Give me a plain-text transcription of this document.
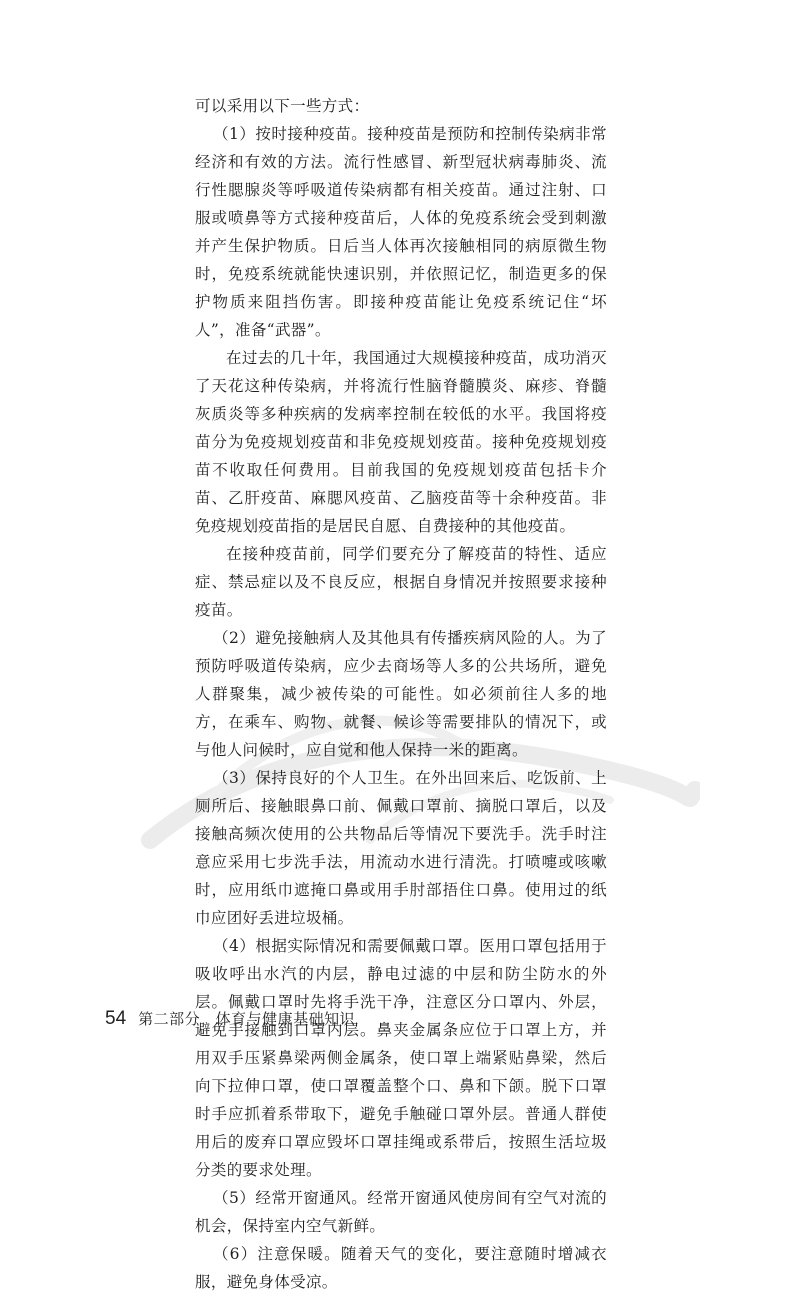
可以采用以下一些方式：

（1）按时接种疫苗。接种疫苗是预防和控制传染病非常经济和有效的方法。流行性感冒、新型冠状病毒肺炎、流行性腮腺炎等呼吸道传染病都有相关疫苗。通过注射、口服或喷鼻等方式接种疫苗后，人体的免疫系统会受到刺激并产生保护物质。日后当人体再次接触相同的病原微生物时，免疫系统就能快速识别，并依照记忆，制造更多的保护物质来阻挡伤害。即接种疫苗能让免疫系统记住“坏人”，准备“武器”。

在过去的几十年，我国通过大规模接种疫苗，成功消灭了天花这种传染病，并将流行性脑脊髓膜炎、麻疹、脊髓灰质炎等多种疾病的发病率控制在较低的水平。我国将疫苗分为免疫规划疫苗和非免疫规划疫苗。接种免疫规划疫苗不收取任何费用。目前我国的免疫规划疫苗包括卡介苗、乙肝疫苗、麻腮风疫苗、乙脑疫苗等十余种疫苗。非免疫规划疫苗指的是居民自愿、自费接种的其他疫苗。

在接种疫苗前，同学们要充分了解疫苗的特性、适应症、禁忌症以及不良反应，根据自身情况并按照要求接种疫苗。

（2）避免接触病人及其他具有传播疾病风险的人。为了预防呼吸道传染病，应少去商场等人多的公共场所，避免人群聚集，减少被传染的可能性。如必须前往人多的地方，在乘车、购物、就餐、候诊等需要排队的情况下，或与他人问候时，应自觉和他人保持一米的距离。

（3）保持良好的个人卫生。在外出回来后、吃饭前、上厕所后、接触眼鼻口前、佩戴口罩前、摘脱口罩后，以及接触高频次使用的公共物品后等情况下要洗手。洗手时注意应采用七步洗手法，用流动水进行清洗。打喷嚏或咳嗽时，应用纸巾遮掩口鼻或用手肘部捂住口鼻。使用过的纸巾应团好丢进垃圾桶。

（4）根据实际情况和需要佩戴口罩。医用口罩包括用于吸收呼出水汽的内层，静电过滤的中层和防尘防水的外层。佩戴口罩时先将手洗干净，注意区分口罩内、外层，避免手接触到口罩内层。鼻夹金属条应位于口罩上方，并用双手压紧鼻梁两侧金属条，使口罩上端紧贴鼻梁，然后向下拉伸口罩，使口罩覆盖整个口、鼻和下颌。脱下口罩时手应抓着系带取下，避免手触碰口罩外层。普通人群使用后的废弃口罩应毁坏口罩挂绳或系带后，按照生活垃圾分类的要求处理。

（5）经常开窗通风。经常开窗通风使房间有空气对流的机会，保持室内空气新鲜。

（6）注意保暖。随着天气的变化，要注意随时增减衣服，避免身体受凉。

54 第二部分　体育与健康基础知识
